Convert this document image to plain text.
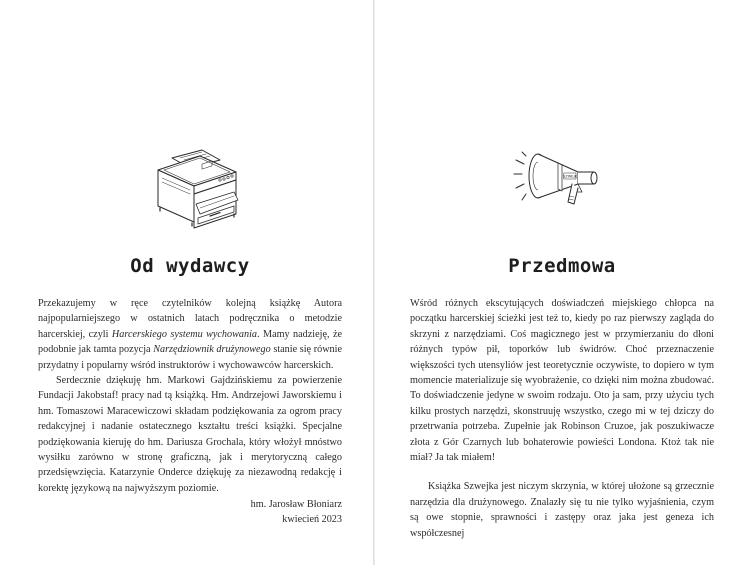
Od wydawcy

Przekazujemy w ręce czytelników kolejną książkę Autora najpopularniejszego w ostatnich latach podręcznika o metodzie harcerskiej, czyli Harcerskiego systemu wychowania. Mamy nadzieję, że podobnie jak tamta pozycja Narzędziownik drużynowego stanie się równie przydatny i popularny wśród instruktorów i wychowawców harcerskich.

Serdecznie dziękuję hm. Markowi Gajdzińskiemu za powierzenie Fundacji Jakobstaf! pracy nad tą książką. Hm. Andrzejowi Jaworskiemu i hm. Tomaszowi Maracewiczowi składam podziękowania za ogrom pracy redakcyjnej i nadanie ostatecznego kształtu treści książki. Specjalne podziękowania kieruję do hm. Dariusza Grochala, który włożył mnóstwo wysiłku zarówno w stronę graficzną, jak i merytoryczną całego przedsięwzięcia. Katarzynie Onderce dziękuję za niezawodną redakcję i korektę językową na najwyższym poziomie.

hm. Jarosław Błoniarz
kwiecień 2023
SZWEJK
Przedmowa

Wśród różnych ekscytujących doświadczeń miejskiego chłopca na początku harcerskiej ścieżki jest też to, kiedy po raz pierwszy zagląda do skrzyni z narzędziami. Coś magicznego jest w przymierzaniu do dłoni różnych typów pił, toporków lub świdrów. Choć przeznaczenie większości tych utensyliów jest teoretycznie oczywiste, to dopiero w tym momencie materializuje się wyobrażenie, co dzięki nim można zbudować. To doświadczenie jedyne w swoim rodzaju. Oto ja sam, przy użyciu tych kilku prostych narzędzi, skonstruuję wszystko, czego mi w tej dziczy do przetrwania potrzeba. Zupełnie jak Robinson Cruzoe, jak poszukiwacze złota z Gór Czarnych lub bohaterowie powieści Londona. Ktoż tak nie miał? Ja tak miałem!

Książka Szwejka jest niczym skrzynia, w której ułożone są grzecznie narzędzia dla drużynowego. Znalazły się tu nie tylko wyjaśnienia, czym są owe stopnie, sprawności i zastępy oraz jaka jest geneza ich współczesnej
